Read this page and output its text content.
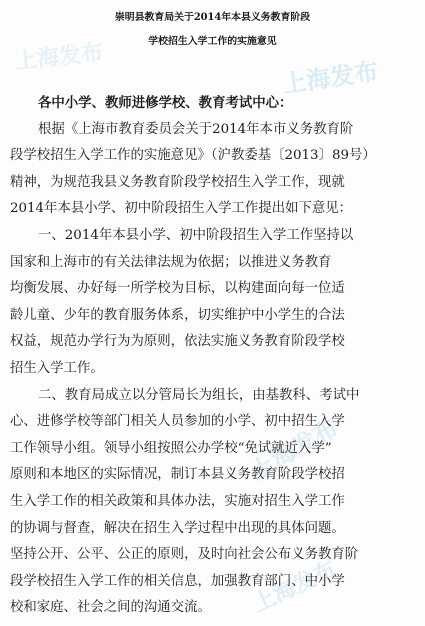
上海发布
上海发布
上海发布
上海发布
崇明县教育局关于2014年本县义务教育阶段
学校招生入学工作的实施意见
各中小学、教师进修学校、教育考试中心：
根据《上海市教育委员会关于2014年本市义务教育阶
段学校招生入学工作的实施意见》（沪教委基〔2013〕89号）
精神，为规范我县义务教育阶段学校招生入学工作，现就
2014年本县小学、初中阶段招生入学工作提出如下意见：
一、2014年本县小学、初中阶段招生入学工作坚持以
国家和上海市的有关法律法规为依据；以推进义务教育
均衡发展、办好每一所学校为目标，以构建面向每一位适
龄儿童、少年的教育服务体系，切实维护中小学生的合法
权益，规范办学行为为原则，依法实施义务教育阶段学校
招生入学工作。
二、教育局成立以分管局长为组长，由基教科、考试中
心、进修学校等部门相关人员参加的小学、初中招生入学
工作领导小组。领导小组按照公办学校“免试就近入学”
原则和本地区的实际情况，制订本县义务教育阶段学校招
生入学工作的相关政策和具体办法，实施对招生入学工作
的协调与督查，解决在招生入学过程中出现的具体问题。
坚持公开、公平、公正的原则，及时向社会公布义务教育阶
段学校招生入学工作的相关信息，加强教育部门、中小学
校和家庭、社会之间的沟通交流。
